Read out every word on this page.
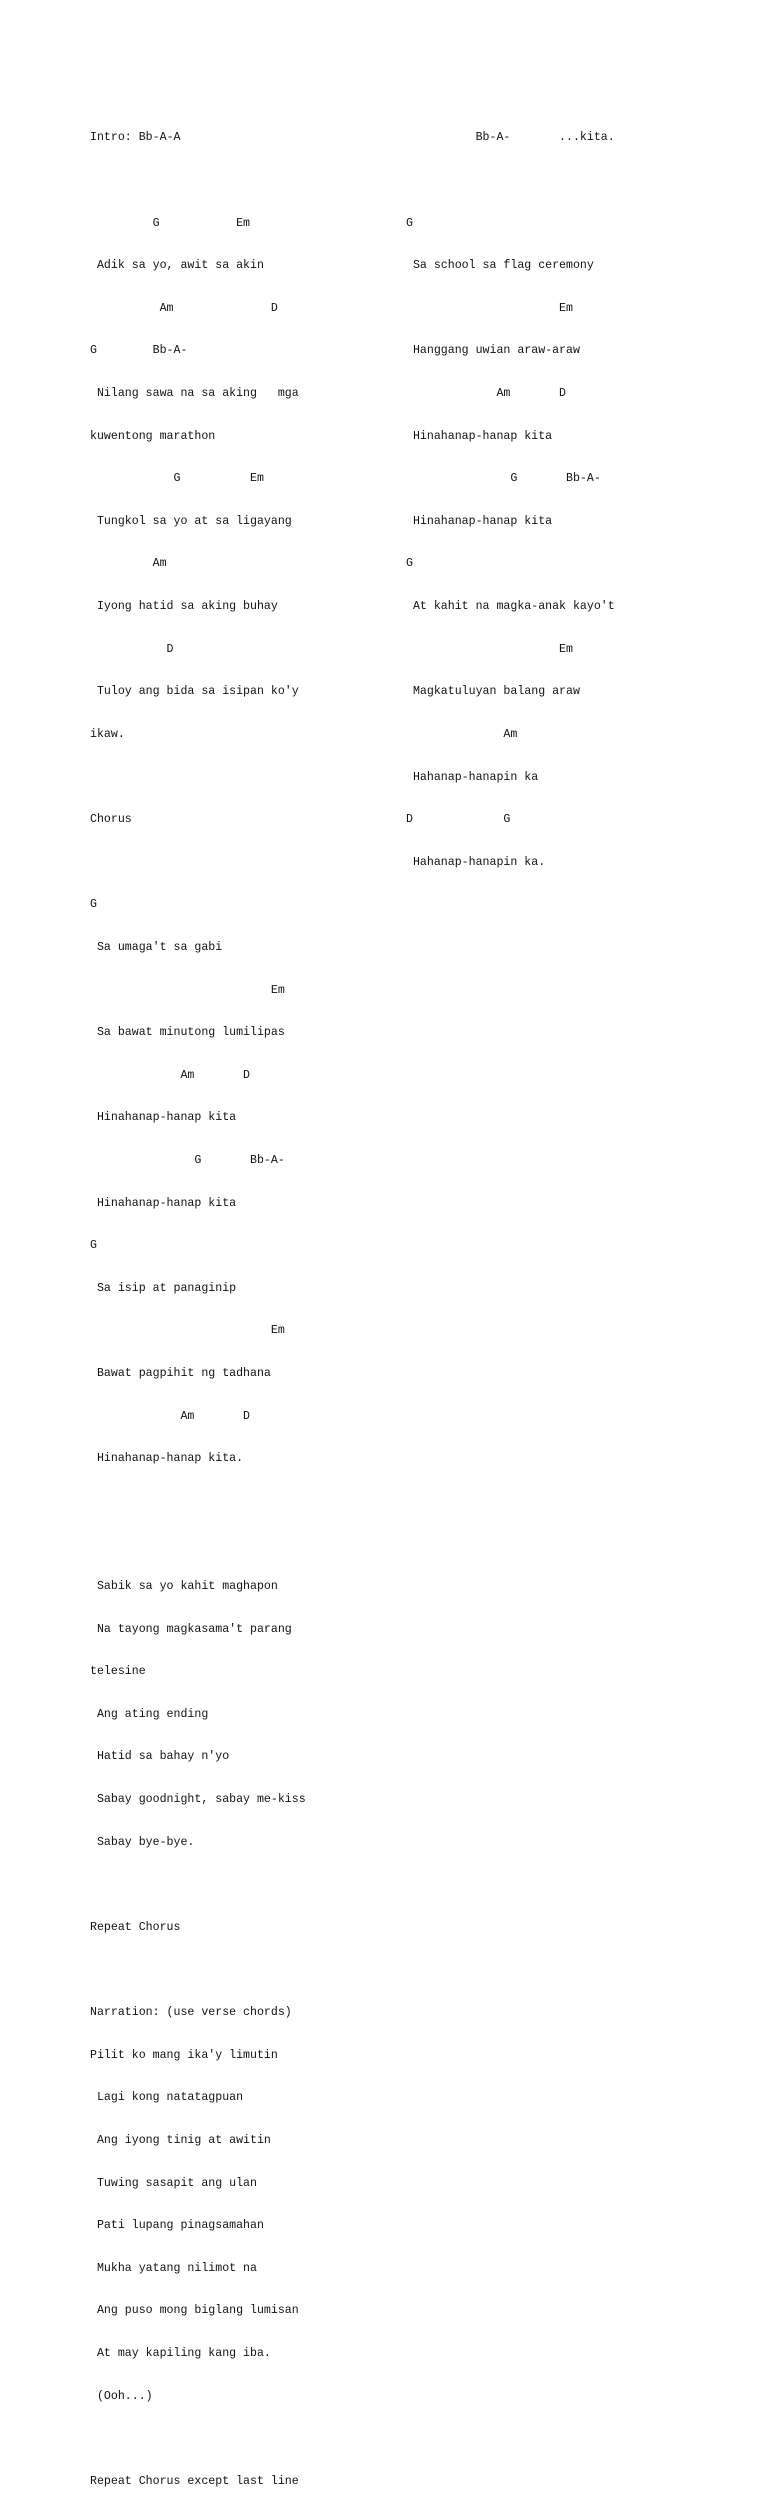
Intro: Bb-A-A

G           Em

Adik sa yo, awit sa akin

Am              D

G        Bb-A-

Nilang sawa na sa aking   mga

kuwentong marathon

G          Em

Tungkol sa yo at sa ligayang

Am

Iyong hatid sa aking buhay

D

Tuloy ang bida sa isipan ko'y

ikaw.

Chorus

G

Sa umaga't sa gabi

Em

Sa bawat minutong lumilipas

Am       D

Hinahanap-hanap kita

G       Bb-A-

Hinahanap-hanap kita

G

Sa isip at panaginip

Em

Bawat pagpihit ng tadhana

Am       D

Hinahanap-hanap kita.

Sabik sa yo kahit maghapon

Na tayong magkasama't parang

telesine

Ang ating ending

Hatid sa bahay n'yo

Sabay goodnight, sabay me-kiss

Sabay bye-bye.

Repeat Chorus

Narration: (use verse chords)

Pilit ko mang ika'y limutin

Lagi kong natatagpuan

Ang iyong tinig at awitin

Tuwing sasapit ang ulan

Pati lupang pinagsamahan

Mukha yatang nilimot na

Ang puso mong biglang lumisan

At may kapiling kang iba.

(Ooh...)

Repeat Chorus except last line

Bb-A-       ...kita.

G

Sa school sa flag ceremony

Em

Hanggang uwian araw-araw

Am       D

Hinahanap-hanap kita

G       Bb-A-

Hinahanap-hanap kita

G

At kahit na magka-anak kayo't

Em

Magkatuluyan balang araw

Am

Hahanap-hanapin ka

D             G

Hahanap-hanapin ka.
